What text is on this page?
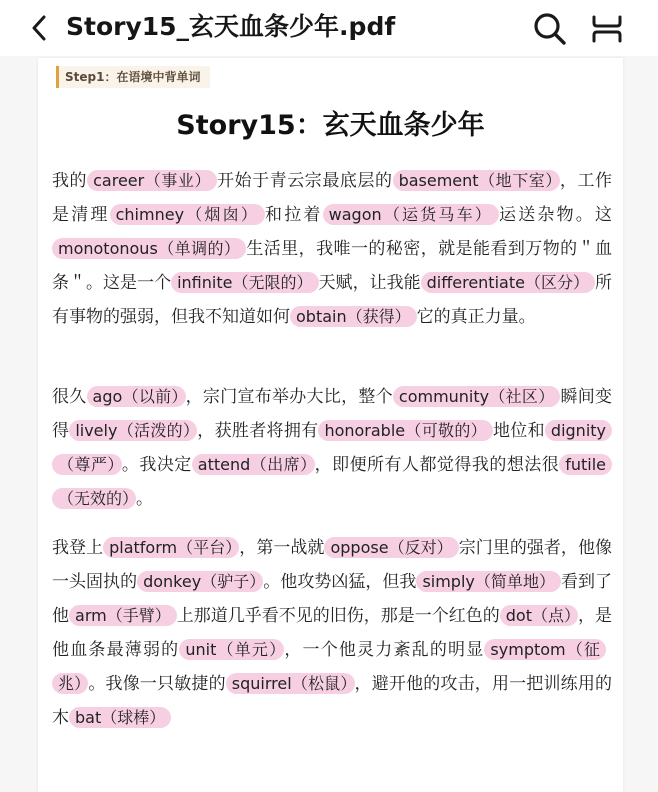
Story15_玄天血条少年.pdf
Step1：在语境中背单词
Story15：玄天血条少年
我的 career（事业） 开始于青云宗最底层的 basement（地下室） ，工作是清理 chimney（烟囱） 和拉着 wagon（运货马车） 运送杂物。这monotonous（单调的） 生活里，我唯一的秘密，就是能看到万物的＂血条＂。这是一个 infinite（无限的） 天赋，让我能 differentiate（区分） 所有事物的强弱，但我不知道如何 obtain（获得） 它的真正力量。
很久 ago（以前） ，宗门宣布举办大比，整个 community（社区） 瞬间变得 lively（活泼的） ，获胜者将拥有 honorable（可敬的） 地位和 dignity（尊严） 。我决定 attend（出席） ，即便所有人都觉得我的想法很 futile（无效的） 。
我登上 platform（平台） ，第一战就 oppose（反对） 宗门里的强者，他像一头固执的 donkey（驴子） 。他攻势凶猛，但我 simply（简单地） 看到了他 arm（手臂） 上那道几乎看不见的旧伤，那是一个红色的 dot（点） ，是他血条最薄弱的 unit（单元） ，一个他灵力紊乱的明显 symptom（征兆） 。我像一只敏捷的 squirrel（松鼠） ，避开他的攻击，用一把训练用的木 bat（球棒）
